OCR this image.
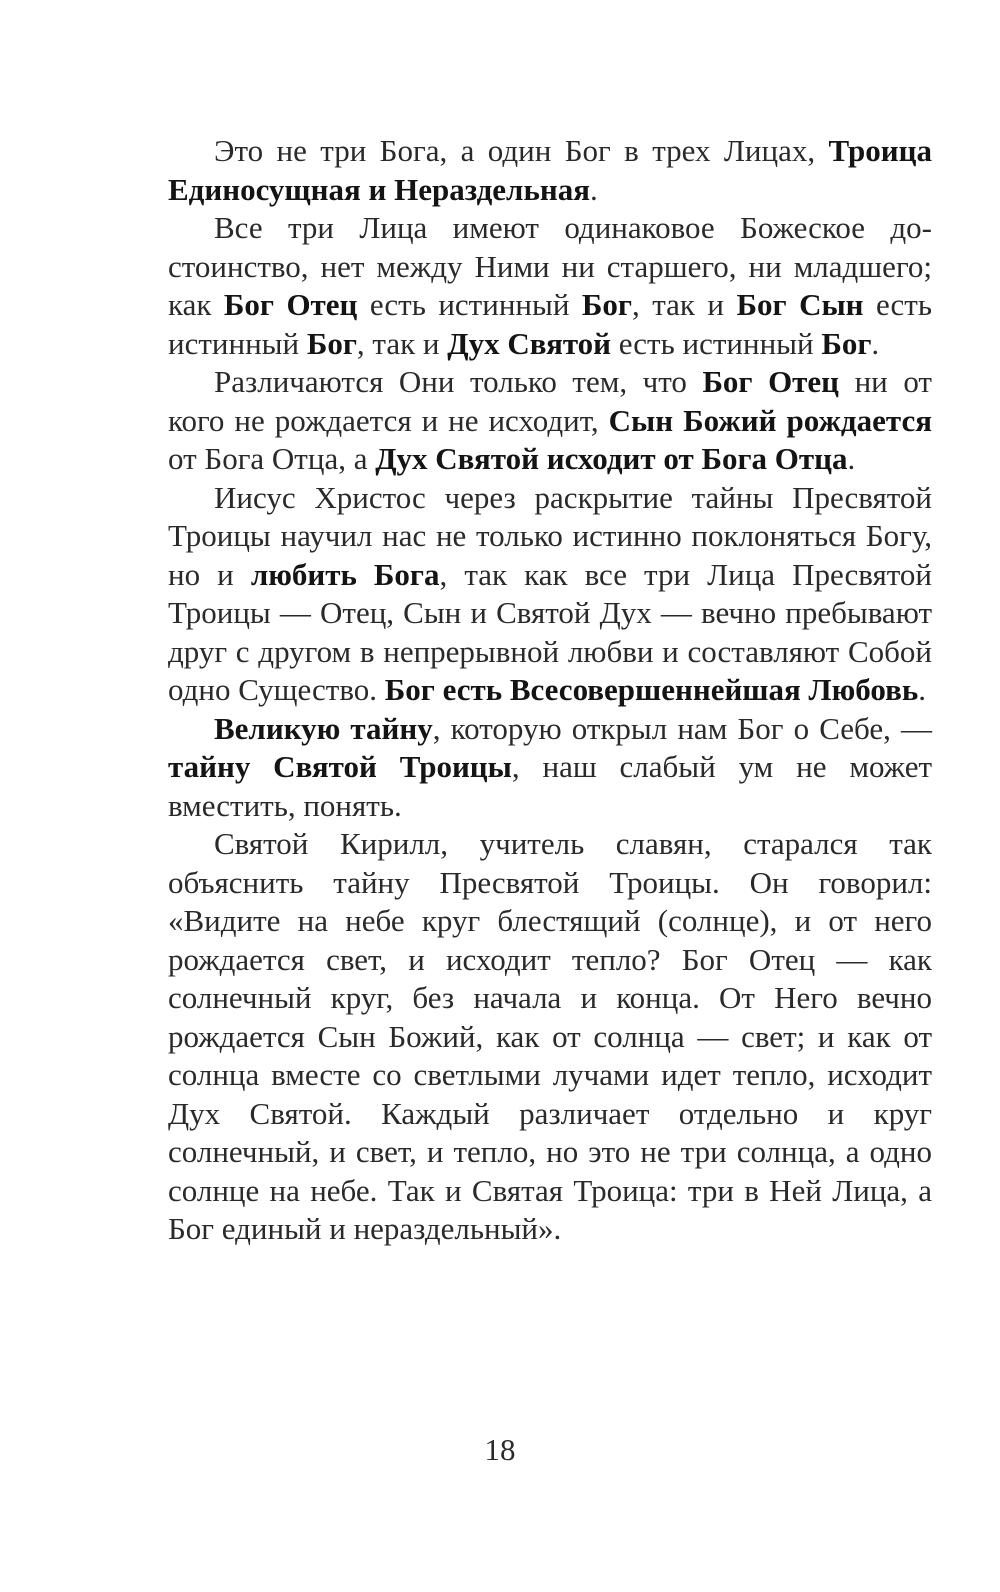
Это не три Бога, а один Бог в трех Лицах, Троица Единосущная и Нераздельная.

Все три Лица имеют одинаковое Божеское достоинство, нет между Ними ни старшего, ни младшего; как Бог Отец есть истинный Бог, так и Бог Сын есть истинный Бог, так и Дух Святой есть истинный Бог.

Различаются Они только тем, что Бог Отец ни от кого не рождается и не исходит, Сын Божий рождается от Бога Отца, а Дух Святой исходит от Бога Отца.

Иисус Христос через раскрытие тайны Пресвятой Троицы научил нас не только истинно поклоняться Богу, но и любить Бога, так как все три Лица Пресвятой Троицы — Отец, Сын и Святой Дух — вечно пребывают друг с другом в непрерывной любви и составляют Собой одно Существо. Бог есть Всесовершеннейшая Любовь.

Великую тайну, которую открыл нам Бог о Себе, — тайну Святой Троицы, наш слабый ум не может вместить, понять.

Святой Кирилл, учитель славян, старался так объяснить тайну Пресвятой Троицы. Он говорил: «Видите на небе круг блестящий (солнце), и от него рождается свет, и исходит тепло? Бог Отец — как солнечный круг, без начала и конца. От Него вечно рождается Сын Божий, как от солнца — свет; и как от солнца вместе со светлыми лучами идет тепло, исходит Дух Святой. Каждый различает отдельно и круг солнечный, и свет, и тепло, но это не три солнца, а одно солнце на небе. Так и Святая Троица: три в Ней Лица, а Бог единый и нераздельный».

18
